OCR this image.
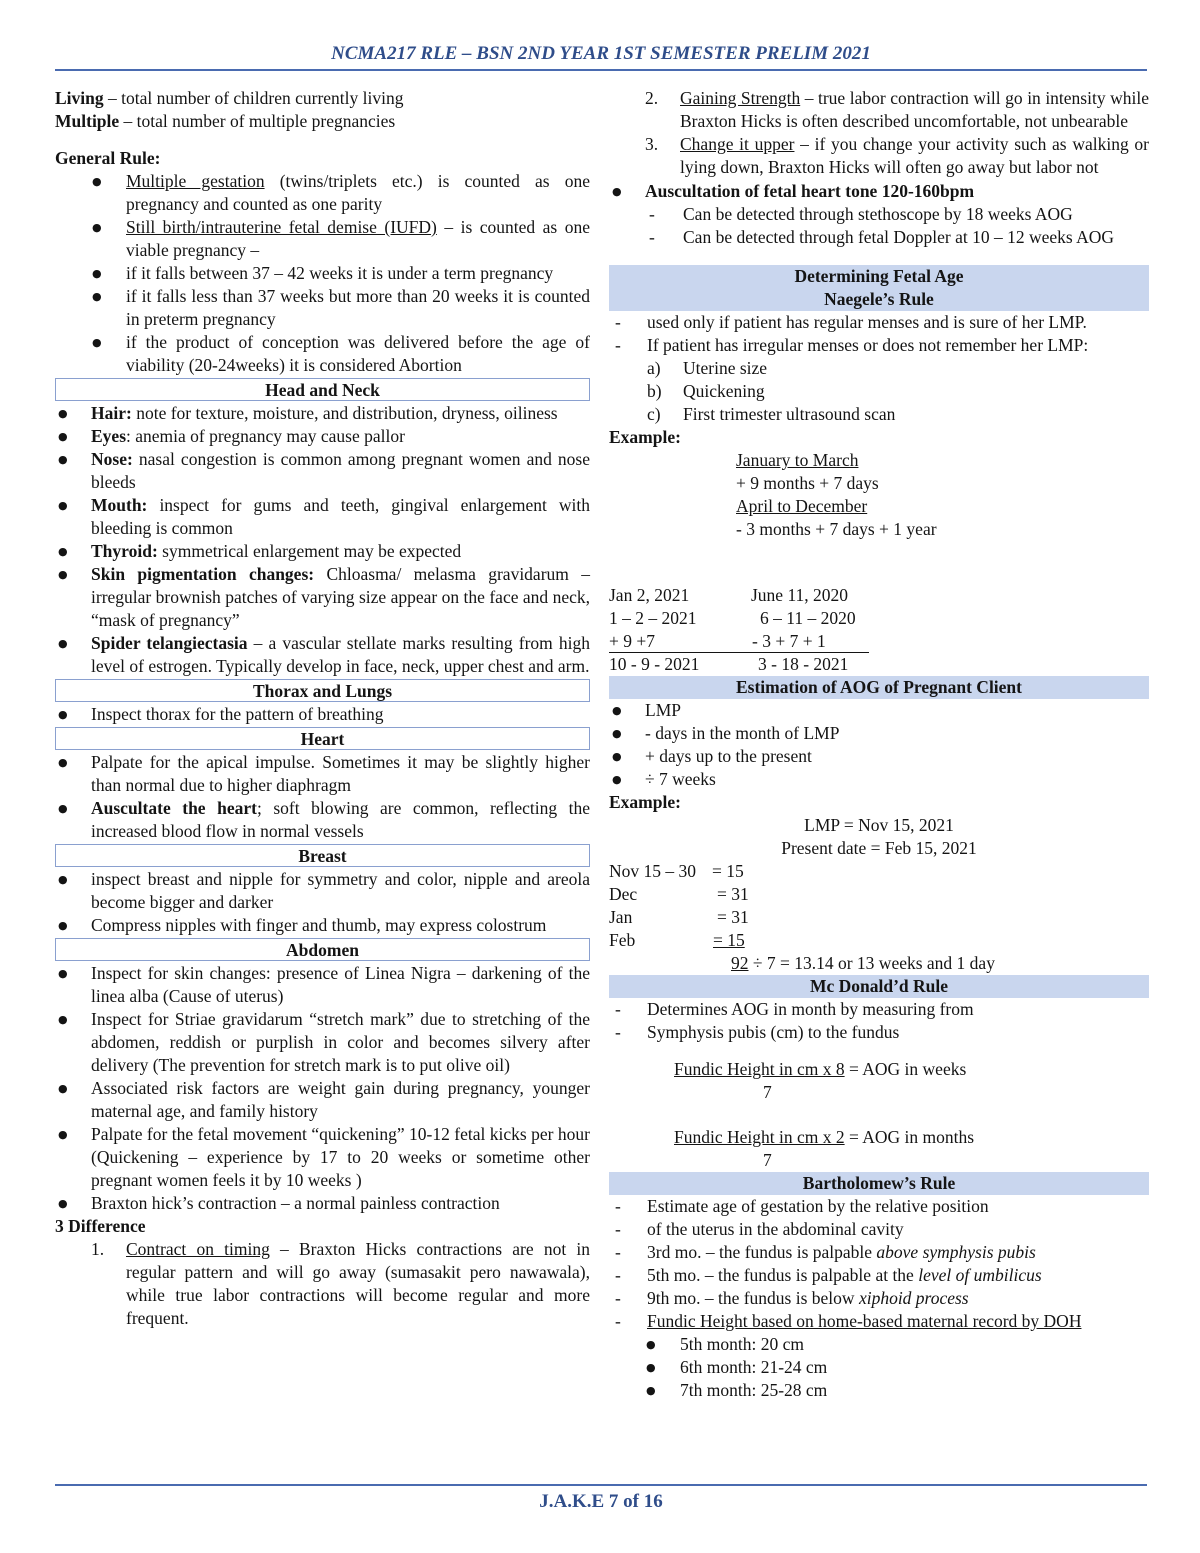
NCMA217 RLE – BSN 2ND YEAR 1ST SEMESTER PRELIM 2021
Living – total number of children currently living
Multiple – total number of multiple pregnancies
General Rule:
● Multiple gestation (twins/triplets etc.) is counted as one pregnancy and counted as one parity
● Still birth/intrauterine fetal demise (IUFD) – is counted as one viable pregnancy –
● if it falls between 37 – 42 weeks it is under a term pregnancy
● if it falls less than 37 weeks but more than 20 weeks it is counted in preterm pregnancy
● if the product of conception was delivered before the age of viability (20-24weeks) it is considered Abortion
Head and Neck
● Hair: note for texture, moisture, and distribution, dryness, oiliness
● Eyes: anemia of pregnancy may cause pallor
● Nose: nasal congestion is common among pregnant women and nose bleeds
● Mouth: inspect for gums and teeth, gingival enlargement with bleeding is common
● Thyroid: symmetrical enlargement may be expected
● Skin pigmentation changes: Chloasma/ melasma gravidarum – irregular brownish patches of varying size appear on the face and neck, “mask of pregnancy”
● Spider telangiectasia – a vascular stellate marks resulting from high level of estrogen. Typically develop in face, neck, upper chest and arm.
Thorax and Lungs
● Inspect thorax for the pattern of breathing
Heart
● Palpate for the apical impulse. Sometimes it may be slightly higher than normal due to higher diaphragm
● Auscultate the heart; soft blowing are common, reflecting the increased blood flow in normal vessels
Breast
● inspect breast and nipple for symmetry and color, nipple and areola become bigger and darker
● Compress nipples with finger and thumb, may express colostrum
Abdomen
● Inspect for skin changes: presence of Linea Nigra – darkening of the linea alba (Cause of uterus)
● Inspect for Striae gravidarum “stretch mark” due to stretching of the abdomen, reddish or purplish in color and becomes silvery after delivery (The prevention for stretch mark is to put olive oil)
● Associated risk factors are weight gain during pregnancy, younger maternal age, and family history
● Palpate for the fetal movement “quickening” 10-12 fetal kicks per hour (Quickening – experience by 17 to 20 weeks or sometime other pregnant women feels it by 10 weeks )
● Braxton hick’s contraction – a normal painless contraction
3 Difference
1. Contract on timing – Braxton Hicks contractions are not in regular pattern and will go away (sumasakit pero nawawala), while true labor contractions will become regular and more frequent.
2. Gaining Strength – true labor contraction will go in intensity while Braxton Hicks is often described uncomfortable, not unbearable
3. Change it upper – if you change your activity such as walking or lying down, Braxton Hicks will often go away but labor not
● Auscultation of fetal heart tone 120-160bpm
- Can be detected through stethoscope by 18 weeks AOG
- Can be detected through fetal Doppler at 10 – 12 weeks AOG
Determining Fetal Age
Naegele’s Rule
- used only if patient has regular menses and is sure of her LMP.
- If patient has irregular menses or does not remember her LMP:
a) Uterine size
b) Quickening
c) First trimester ultrasound scan
Example:
January to March
+ 9 months + 7 days
April to December
- 3 months + 7 days + 1 year
Jan 2, 2021	June 11, 2020
1 – 2 – 2021	6 – 11 – 2020
+ 9 +7	- 3 + 7 + 1
10 - 9 - 2021	3 - 18 - 2021
Estimation of AOG of Pregnant Client
● LMP
● - days in the month of LMP
● + days up to the present
● ÷ 7 weeks
Example:
LMP = Nov 15, 2021
Present date = Feb 15, 2021
Nov 15 – 30 = 15
Dec	= 31
Jan	= 31
Feb	= 15
92 ÷ 7 = 13.14 or 13 weeks and 1 day
Mc Donald’d Rule
- Determines AOG in month by measuring from
- Symphysis pubis (cm) to the fundus
Fundic Height in cm x 8 = AOG in weeks
7
Fundic Height in cm x 2 = AOG in months
7
Bartholomew’s Rule
- Estimate age of gestation by the relative position
- of the uterus in the abdominal cavity
- 3rd mo. – the fundus is palpable above symphysis pubis
- 5th mo. – the fundus is palpable at the level of umbilicus
- 9th mo. – the fundus is below xiphoid process
- Fundic Height based on home-based maternal record by DOH
● 5th month: 20 cm
● 6th month: 21-24 cm
● 7th month: 25-28 cm
J.A.K.E 7 of 16
